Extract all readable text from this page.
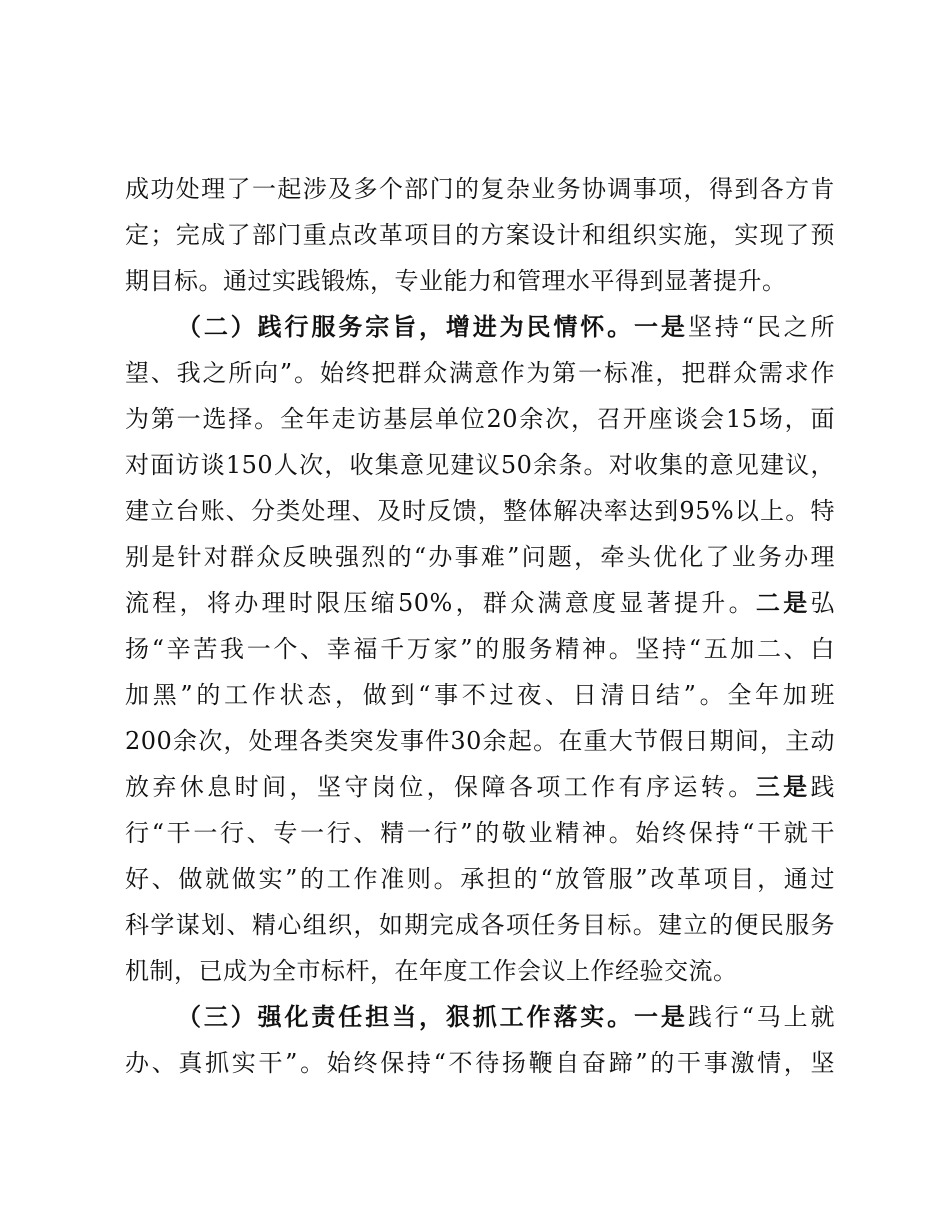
成功处理了一起涉及多个部门的复杂业务协调事项，得到各方肯
定；完成了部门重点改革项目的方案设计和组织实施，实现了预
期目标。通过实践锻炼，专业能力和管理水平得到显著提升。
（二）践行服务宗旨，增进为民情怀。一是坚持“民之所
望、我之所向”。始终把群众满意作为第一标准，把群众需求作
为第一选择。全年走访基层单位20余次，召开座谈会15场，面
对面访谈150人次，收集意见建议50余条。对收集的意见建议，
建立台账、分类处理、及时反馈，整体解决率达到95%以上。特
别是针对群众反映强烈的“办事难”问题，牵头优化了业务办理
流程，将办理时限压缩50%，群众满意度显著提升。二是弘
扬“辛苦我一个、幸福千万家”的服务精神。坚持“五加二、白
加黑”的工作状态，做到“事不过夜、日清日结”。全年加班
200余次，处理各类突发事件30余起。在重大节假日期间，主动
放弃休息时间，坚守岗位，保障各项工作有序运转。三是践
行“干一行、专一行、精一行”的敬业精神。始终保持“干就干
好、做就做实”的工作准则。承担的“放管服”改革项目，通过
科学谋划、精心组织，如期完成各项任务目标。建立的便民服务
机制，已成为全市标杆，在年度工作会议上作经验交流。
（三）强化责任担当，狠抓工作落实。一是践行“马上就
办、真抓实干”。始终保持“不待扬鞭自奋蹄”的干事激情，坚
